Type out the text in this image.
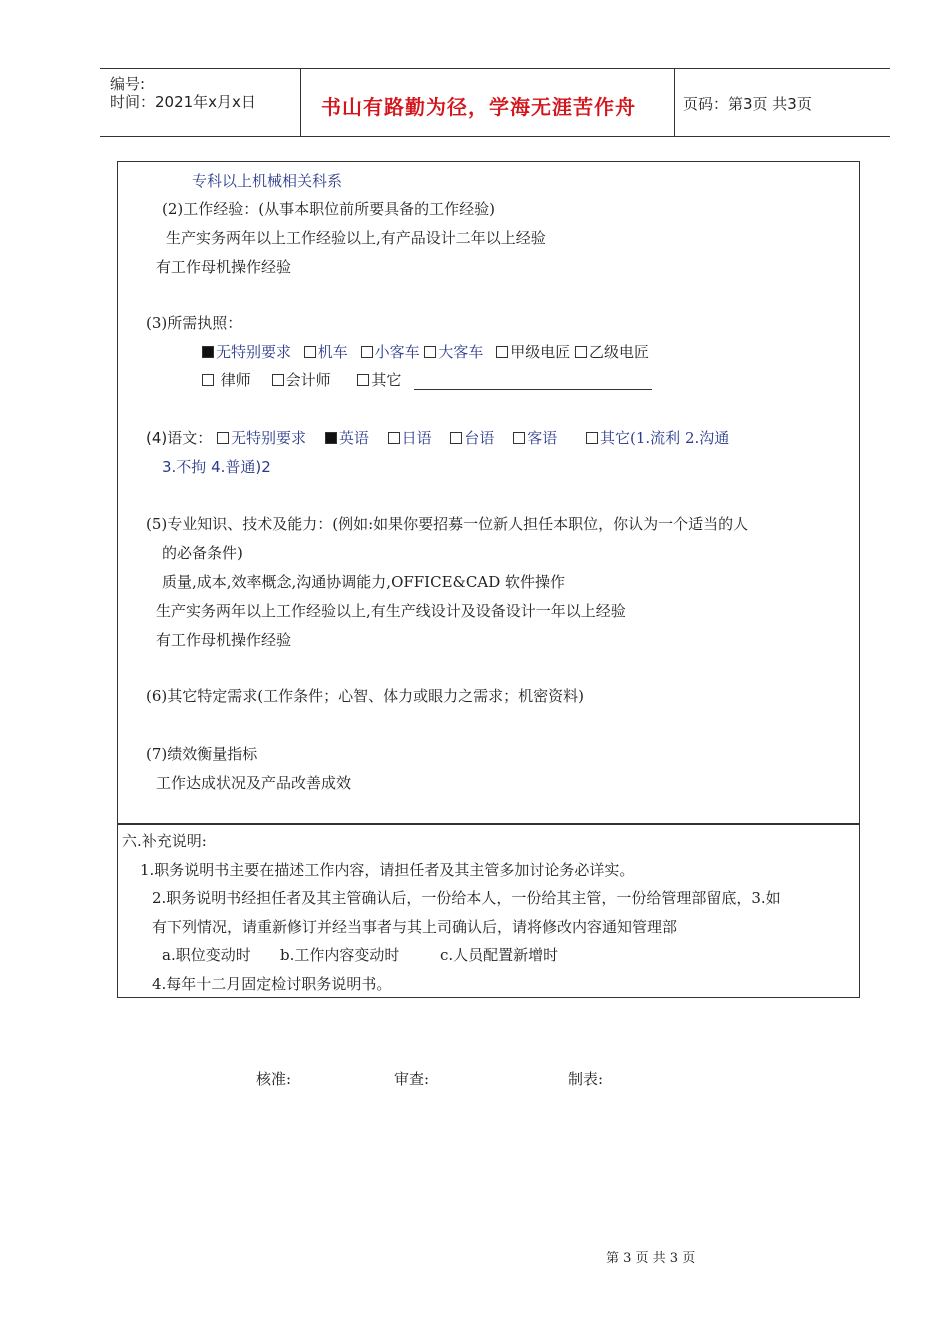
编号:
时间：2021年x月x日	书山有路勤为径，学海无涯苦作舟	页码：第3页 共3页
专科以上机械相关科系
(2)工作经验：(从事本职位前所要具备的工作经验)
生产实务两年以上工作经验以上,有产品设计二年以上经验
有工作母机操作经验
(3)所需执照：
无特别要求 机车 小客车 大客车 甲级电匠 乙级电匠
律师 会计师	其它
(4)语文： 无特别要求 英语 日语 台语 客语	其它(1.流利 2.沟通
3.不拘 4.普通)2
(5)专业知识、技术及能力：(例如:如果你要招募一位新人担任本职位，你认为一个适当的人
的必备条件)
质量,成本,效率概念,沟通协调能力,OFFICE&CAD 软件操作
生产实务两年以上工作经验以上,有生产线设计及设备设计一年以上经验
有工作母机操作经验
(6)其它特定需求(工作条件；心智、体力或眼力之需求；机密资料)
(7)绩效衡量指标
工作达成状况及产品改善成效
六.补充说明:
1.职务说明书主要在描述工作内容，请担任者及其主管多加讨论务必详实。
2.职务说明书经担任者及其主管确认后，一份给本人，一份给其主管，一份给管理部留底，3.如
有下列情况，请重新修订并经当事者与其上司确认后，请将修改内容通知管理部
a.职位变动时 b.工作内容变动时	c.人员配置新增时
4.每年十二月固定检讨职务说明书。
核准:	审查:	制表:
第 3 页 共 3 页
